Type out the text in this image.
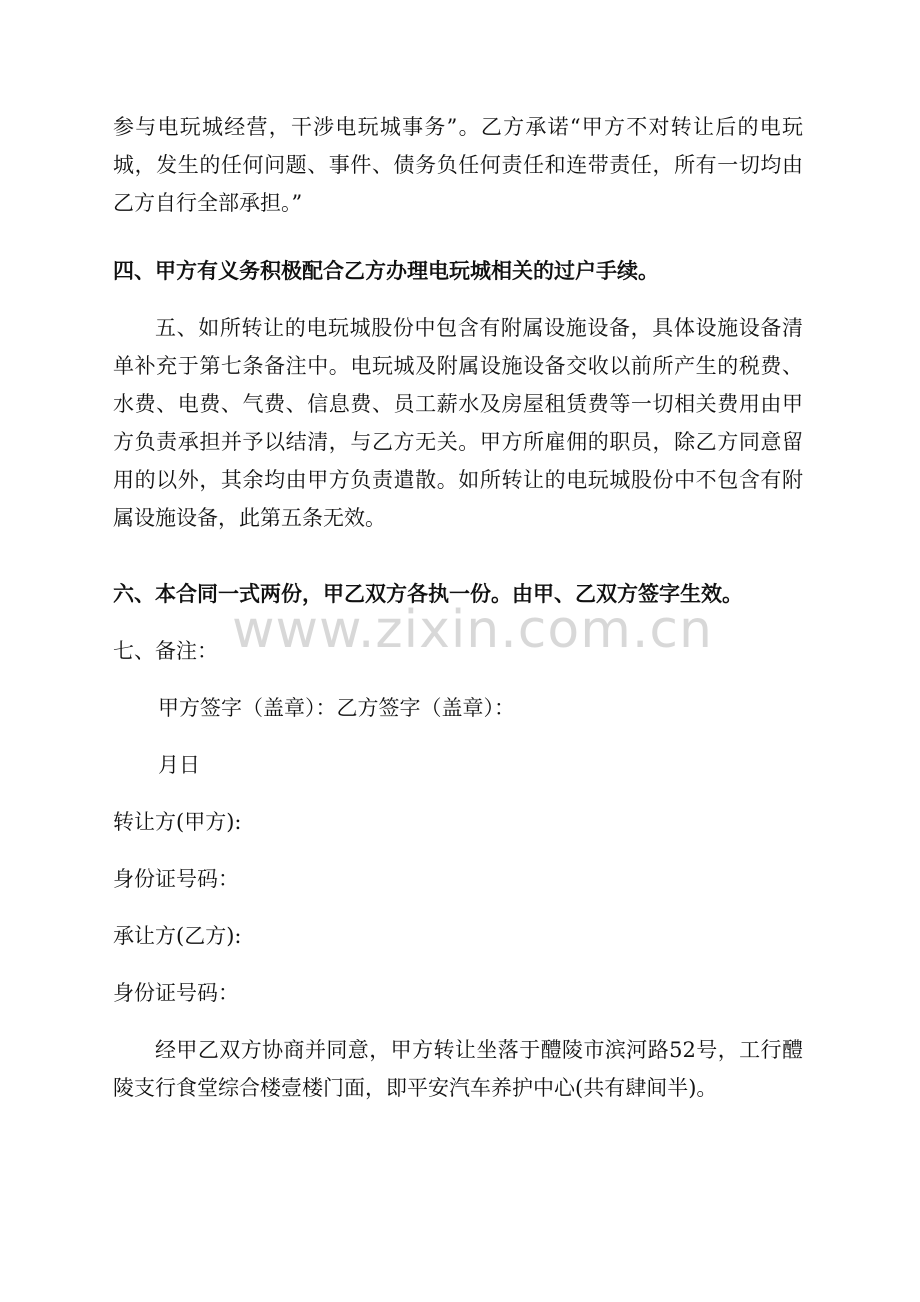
参与电玩城经营，干涉电玩城事务”。乙方承诺“甲方不对转让后的电玩城，发生的任何问题、事件、债务负任何责任和连带责任，所有一切均由乙方自行全部承担。”

四、甲方有义务积极配合乙方办理电玩城相关的过户手续。

五、如所转让的电玩城股份中包含有附属设施设备，具体设施设备清单补充于第七条备注中。电玩城及附属设施设备交收以前所产生的税费、水费、电费、气费、信息费、员工薪水及房屋租赁费等一切相关费用由甲方负责承担并予以结清，与乙方无关。甲方所雇佣的职员，除乙方同意留用的以外，其余均由甲方负责遣散。如所转让的电玩城股份中不包含有附属设施设备，此第五条无效。

六、本合同一式两份，甲乙双方各执一份。由甲、乙双方签字生效。

七、备注：

甲方签字（盖章）：乙方签字（盖章）：

月日

转让方(甲方):

身份证号码：

承让方(乙方):

身份证号码：

经甲乙双方协商并同意，甲方转让坐落于醴陵市滨河路52号，工行醴陵支行食堂综合楼壹楼门面，即平安汽车养护中心(共有肆间半)。

www.zixin.com.cn
